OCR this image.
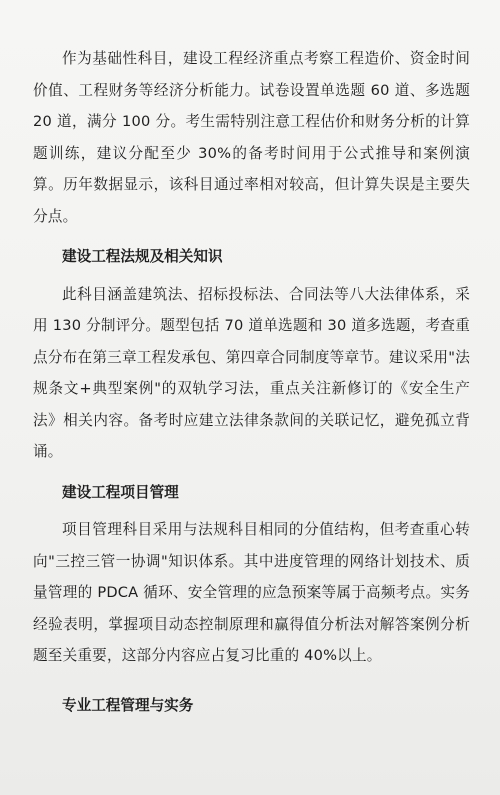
作为基础性科目，建设工程经济重点考察工程造价、资金时间价值、工程财务等经济分析能力。试卷设置单选题 60 道、多选题 20 道，满分 100 分。考生需特别注意工程估价和财务分析的计算题训练，建议分配至少 30%的备考时间用于公式推导和案例演算。历年数据显示，该科目通过率相对较高，但计算失误是主要失分点。

建设工程法规及相关知识

此科目涵盖建筑法、招标投标法、合同法等八大法律体系，采用 130 分制评分。题型包括 70 道单选题和 30 道多选题，考查重点分布在第三章工程发承包、第四章合同制度等章节。建议采用"法规条文+典型案例"的双轨学习法，重点关注新修订的《安全生产法》相关内容。备考时应建立法律条款间的关联记忆，避免孤立背诵。

建设工程项目管理

项目管理科目采用与法规科目相同的分值结构，但考查重心转向"三控三管一协调"知识体系。其中进度管理的网络计划技术、质量管理的 PDCA 循环、安全管理的应急预案等属于高频考点。实务经验表明，掌握项目动态控制原理和赢得值分析法对解答案例分析题至关重要，这部分内容应占复习比重的 40%以上。

专业工程管理与实务
